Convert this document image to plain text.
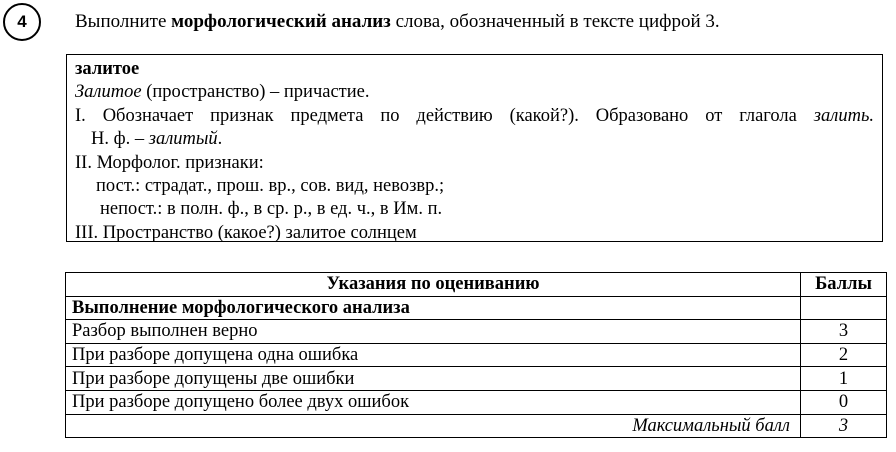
4	Выполните морфологический анализ слова, обозначенный в тексте цифрой 3.
залитое
Залитое (пространство) – причастие.
I. Обозначает признак предмета по действию (какой?). Образовано от глагола залить.
Н. ф. – залитый.
II. Морфолог. признаки:
пост.: страдат., прош. вр., сов. вид, невозвр.;
непост.: в полн. ф., в ср. р., в ед. ч., в Им. п.
III. Пространство (какое?) залитое солнцем
Указания по оцениванию	Баллы
Выполнение морфологического анализа	
Разбор выполнен верно	3
При разборе допущена одна ошибка	2
При разборе допущены две ошибки	1
При разборе допущено более двух ошибок	0
Максимальный балл	3
